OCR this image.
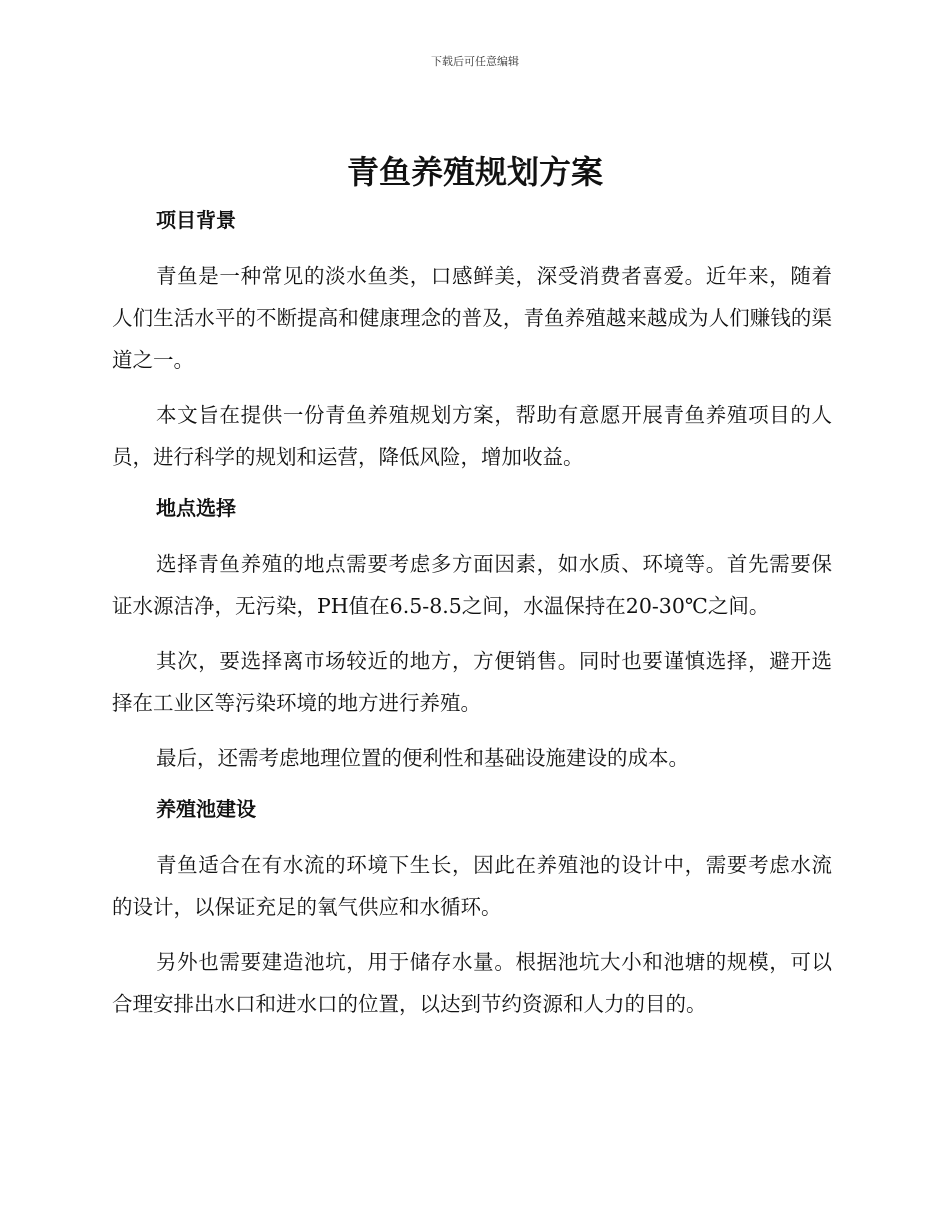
下载后可任意编辑
青鱼养殖规划方案
项目背景

青鱼是一种常见的淡水鱼类，口感鲜美，深受消费者喜爱。近年来，随着人们生活水平的不断提高和健康理念的普及，青鱼养殖越来越成为人们赚钱的渠道之一。

本文旨在提供一份青鱼养殖规划方案，帮助有意愿开展青鱼养殖项目的人员，进行科学的规划和运营，降低风险，增加收益。

地点选择

选择青鱼养殖的地点需要考虑多方面因素，如水质、环境等。首先需要保证水源洁净，无污染，PH值在6.5-8.5之间，水温保持在20-30℃之间。

其次，要选择离市场较近的地方，方便销售。同时也要谨慎选择，避开选择在工业区等污染环境的地方进行养殖。

最后，还需考虑地理位置的便利性和基础设施建设的成本。

养殖池建设

青鱼适合在有水流的环境下生长，因此在养殖池的设计中，需要考虑水流的设计，以保证充足的氧气供应和水循环。

另外也需要建造池坑，用于储存水量。根据池坑大小和池塘的规模，可以合理安排出水口和进水口的位置，以达到节约资源和人力的目的。
